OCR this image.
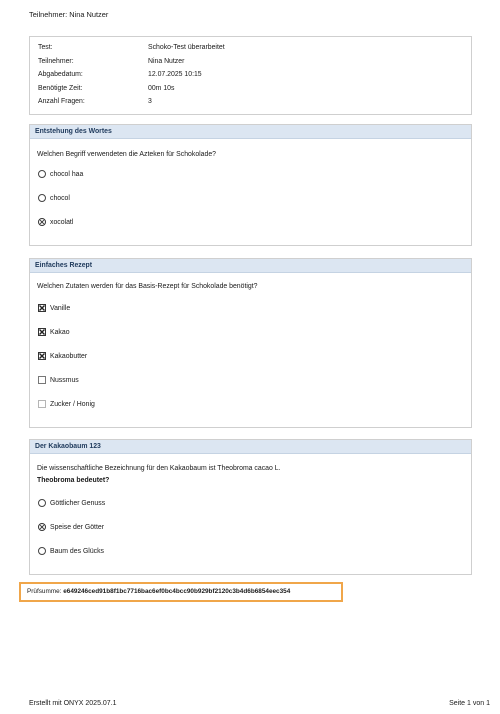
Teilnehmer: Nina Nutzer
Test:	Schoko-Test überarbeitet
Teilnehmer:	Nina Nutzer
Abgabedatum:	12.07.2025 10:15
Benötigte Zeit:	00m 10s
Anzahl Fragen:	3
Entstehung des Wortes
Welchen Begriff verwendeten die Azteken für Schokolade?
chocol haa
chocol
xocolatl
Einfaches Rezept
Welchen Zutaten werden für das Basis-Rezept für Schokolade benötigt?
Vanille
Kakao
Kakaobutter
Nussmus
Zucker / Honig
Der Kakaobaum 123
Die wissenschaftliche Bezeichnung für den Kakaobaum ist Theobroma cacao L.
Theobroma bedeutet?
Göttlicher Genuss
Speise der Götter
Baum des Glücks
Prüfsumme: e649246ced91b8f1bc7716bac6ef0bc4bcc90b929bf2120c3b4d6b6854eec354
Erstellt mit ONYX 2025.07.1	Seite 1 von 1
